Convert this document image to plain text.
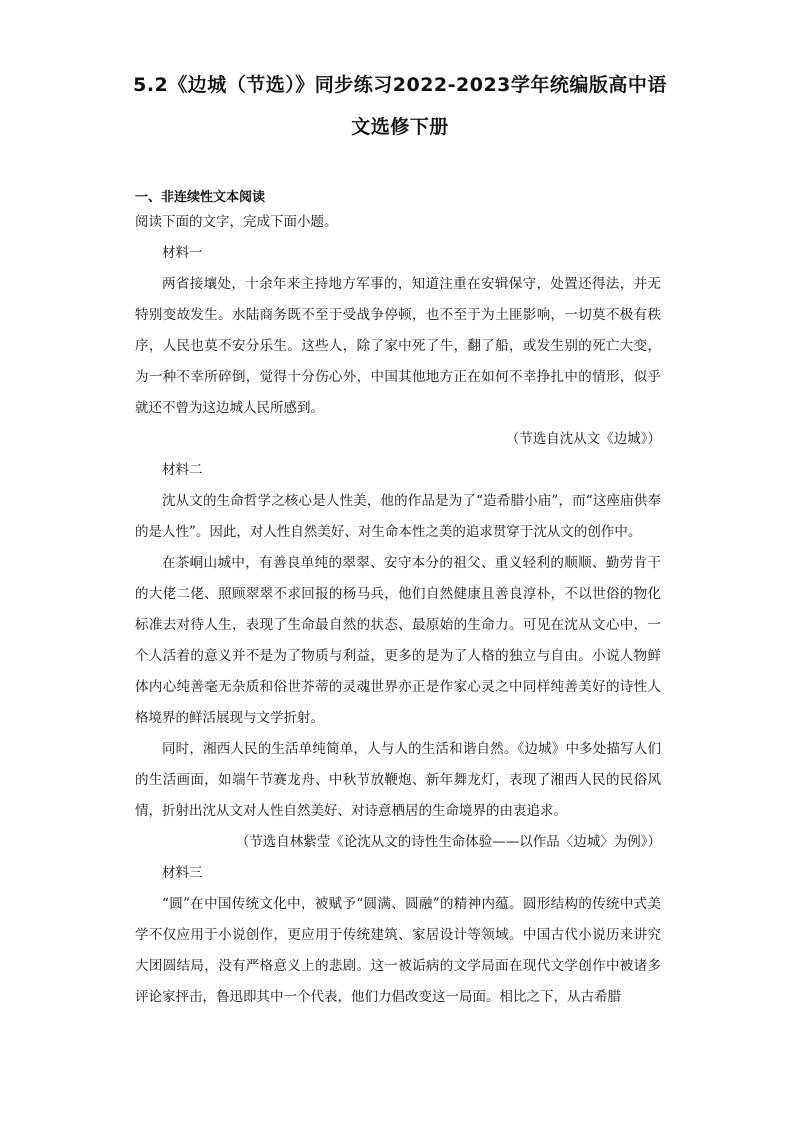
5.2《边城（节选）》同步练习2022-2023学年统编版高中语
文选修下册
一、非连续性文本阅读

阅读下面的文字，完成下面小题。

材料一

两省接壤处，十余年来主持地方军事的，知道注重在安辑保守，处置还得法，并无特别变故发生。水陆商务既不至于受战争停顿，也不至于为土匪影响，一切莫不极有秩序，人民也莫不安分乐生。这些人，除了家中死了牛，翻了船，或发生别的死亡大变，为一种不幸所碎倒，觉得十分伤心外，中国其他地方正在如何不幸挣扎中的情形，似乎就还不曾为这边城人民所感到。

（节选自沈从文《边城》）

材料二

沈从文的生命哲学之核心是人性美，他的作品是为了“造希腊小庙”，而“这座庙供奉的是人性”。因此，对人性自然美好、对生命本性之美的追求贯穿于沈从文的创作中。

在茶峒山城中，有善良单纯的翠翠、安守本分的祖父、重义轻利的顺顺、勤劳肯干的大佬二佬、照顾翠翠不求回报的杨马兵，他们自然健康且善良淳朴，不以世俗的物化标准去对待人生，表现了生命最自然的状态、最原始的生命力。可见在沈从文心中，一个人活着的意义并不是为了物质与利益，更多的是为了人格的独立与自由。小说人物鲜体内心纯善毫无杂质和俗世芥蒂的灵魂世界亦正是作家心灵之中同样纯善美好的诗性人格境界的鲜活展现与文学折射。

同时，湘西人民的生活单纯简单，人与人的生活和谐自然。《边城》中多处描写人们的生活画面，如端午节赛龙舟、中秋节放鞭炮、新年舞龙灯，表现了湘西人民的民俗风情，折射出沈从文对人性自然美好、对诗意栖居的生命境界的由衷追求。

（节选自林紫莹《论沈从文的诗性生命体验——以作品〈边城〉为例》）

材料三

“圆”在中国传统文化中，被赋予“圆满、圆融”的精神内蕴。圆形结构的传统中式美学不仅应用于小说创作，更应用于传统建筑、家居设计等领域。中国古代小说历来讲究大团圆结局，没有严格意义上的悲剧。这一被诟病的文学局面在现代文学创作中被诸多评论家抨击，鲁迅即其中一个代表，他们力倡改变这一局面。相比之下，从古希腊
